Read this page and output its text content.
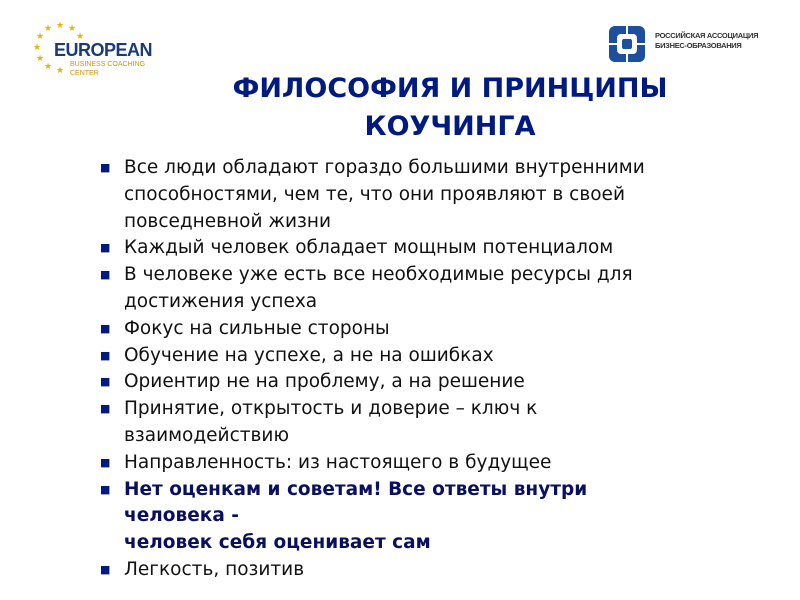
★ ★
★
★
★
★
★
★ ★
EUROPEAN
BUSINESS COACHING
CENTER
РОССИЙСКАЯ АССОЦИАЦИЯ
БИЗНЕС-ОБРАЗОВАНИЯ
ФИЛОСОФИЯ И ПРИНЦИПЫ
КОУЧИНГА
■ Все люди обладают гораздо большими внутренними
способностями, чем те, что они проявляют в своей
повседневной жизни
■ Каждый человек обладает мощным потенциалом
■ В человеке уже есть все необходимые ресурсы для
достижения успеха
■ Фокус на сильные стороны
■ Обучение на успехе, а не на ошибках
■ Ориентир не на проблему, а на решение
■ Принятие, открытость и доверие – ключ к
взаимодействию
■ Направленность: из настоящего в будущее
■ Нет оценкам и советам! Все ответы внутри
человека -
человек себя оценивает сам
■ Легкость, позитив
